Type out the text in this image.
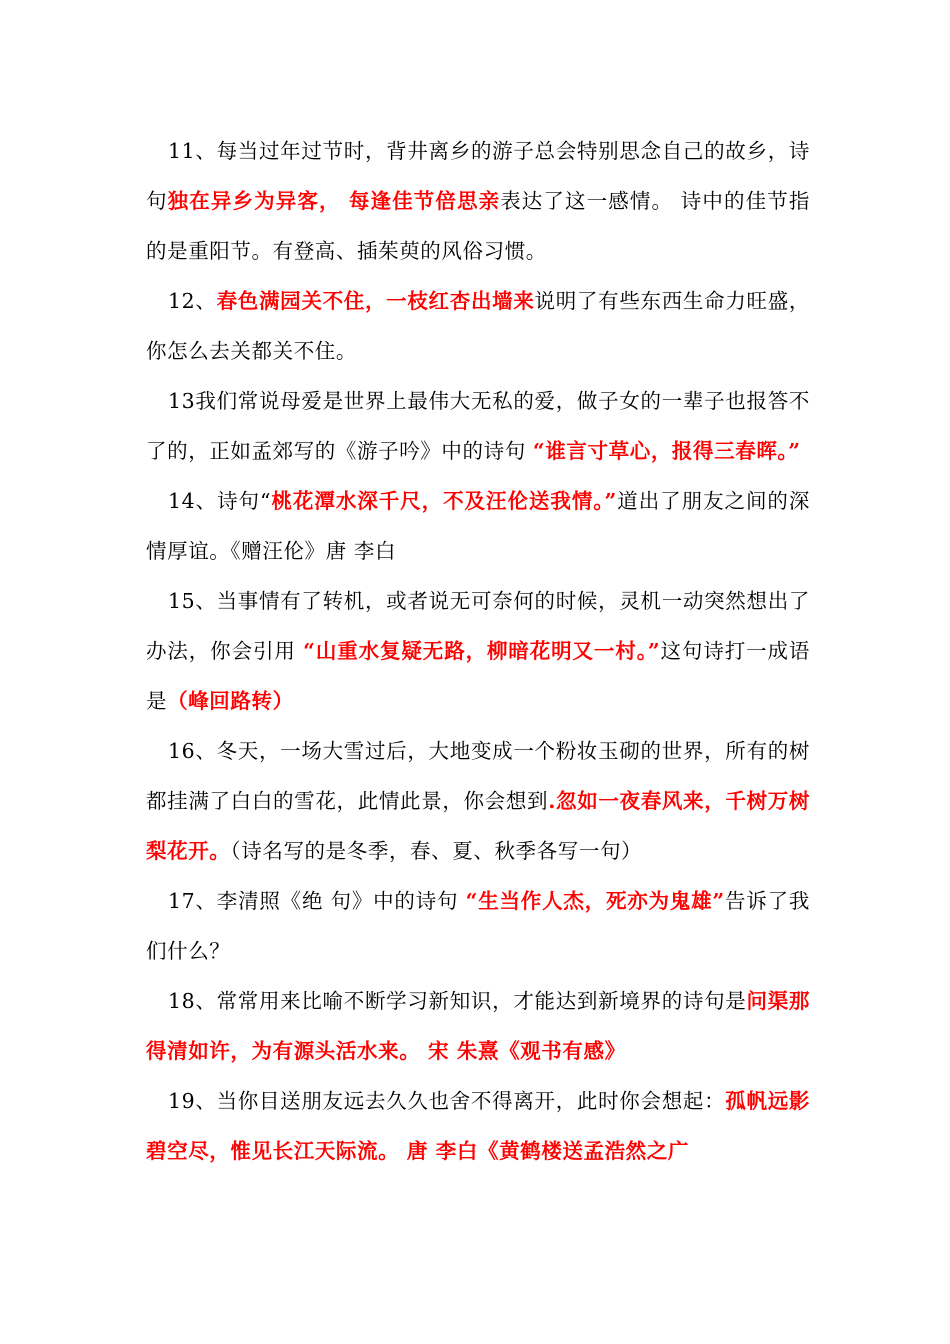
11、每当过年过节时，背井离乡的游子总会特别思念自己的故乡，诗句独在异乡为异客， 每逢佳节倍思亲表达了这一感情。 诗中的佳节指的是重阳节。有登高、插茱萸的风俗习惯。

12、春色满园关不住，一枝红杏出墙来说明了有些东西生命力旺盛，你怎么去关都关不住。

13我们常说母爱是世界上最伟大无私的爱，做子女的一辈子也报答不了的，正如孟郊写的《游子吟》中的诗句 “谁言寸草心，报得三春晖。”

14、诗句“桃花潭水深千尺，不及汪伦送我情。”道出了朋友之间的深情厚谊。《赠汪伦》唐 李白

15、当事情有了转机，或者说无可奈何的时候，灵机一动突然想出了办法，你会引用 “山重水复疑无路，柳暗花明又一村。”这句诗打一成语是（峰回路转）

16、冬天，一场大雪过后，大地变成一个粉妆玉砌的世界，所有的树都挂满了白白的雪花，此情此景，你会想到.忽如一夜春风来，千树万树梨花开。（诗名写的是冬季，春、夏、秋季各写一句）

17、李清照《绝 句》中的诗句 “生当作人杰，死亦为鬼雄”告诉了我们什么？

18、常常用来比喻不断学习新知识，才能达到新境界的诗句是问渠那得清如许，为有源头活水来。 宋 朱熹《观书有感》

19、当你目送朋友远去久久也舍不得离开，此时你会想起：孤帆远影碧空尽，惟见长江天际流。 唐 李白《黄鹤楼送孟浩然之广
